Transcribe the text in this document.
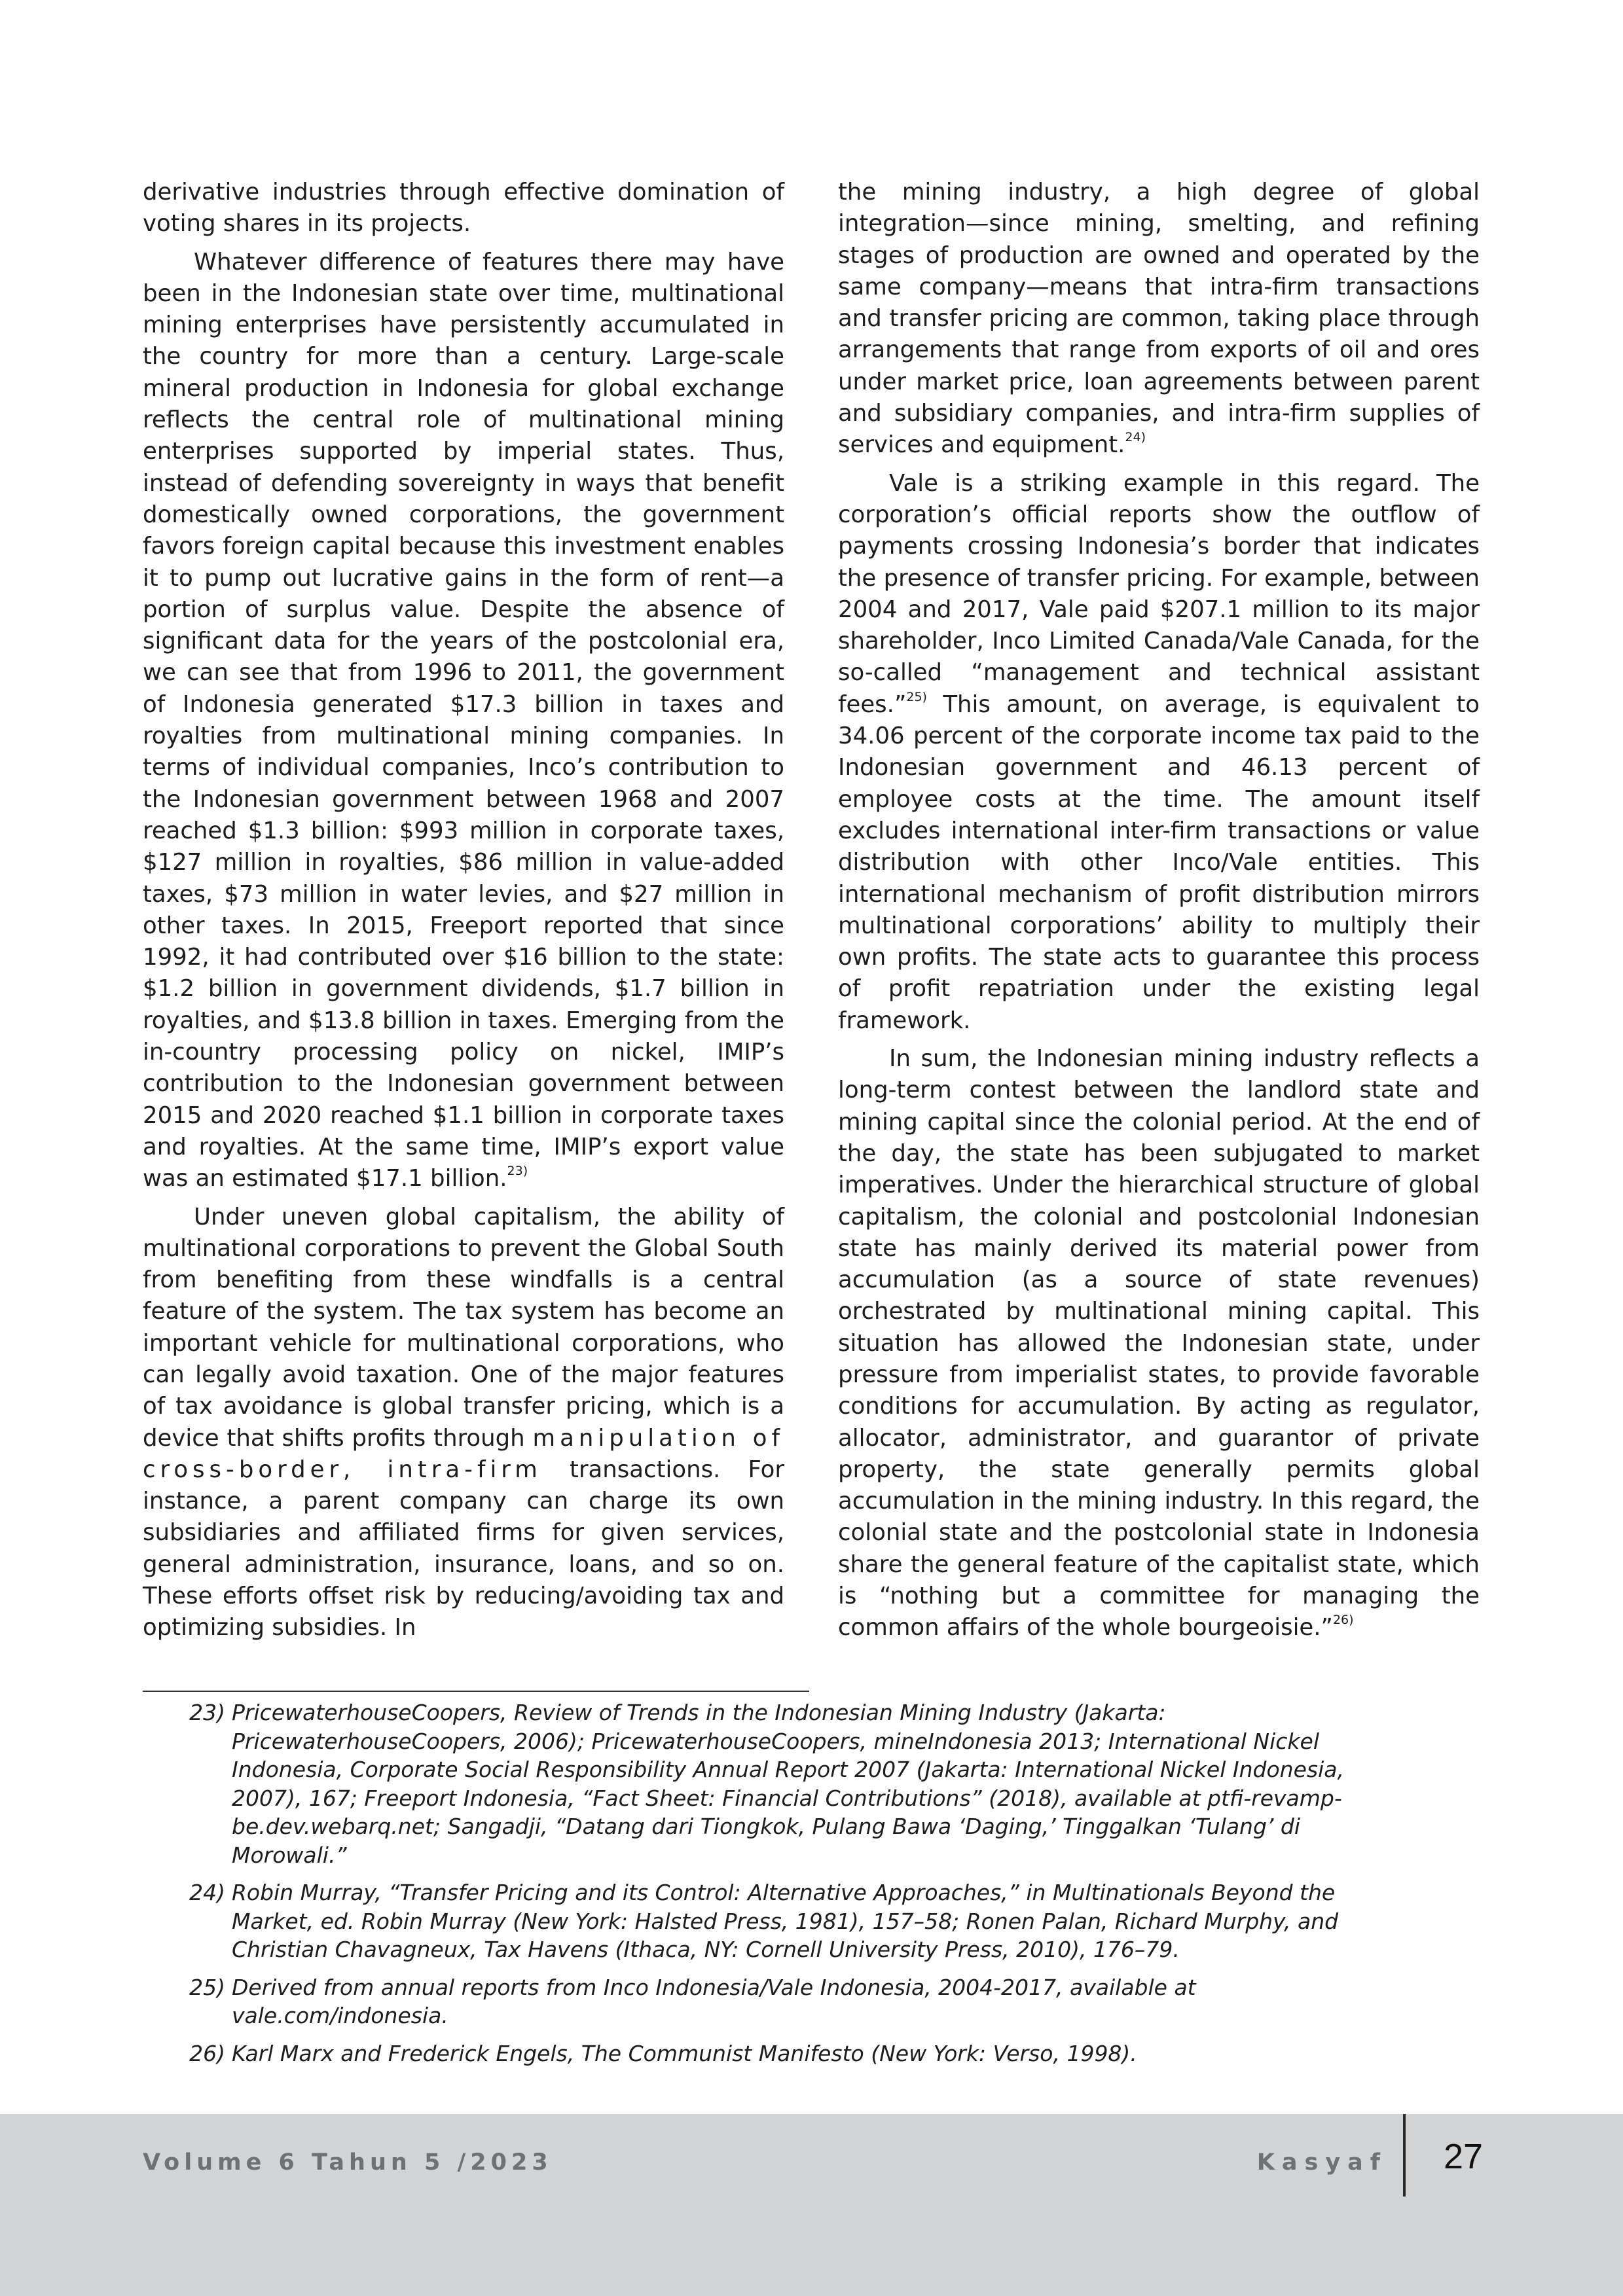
derivative industries through effective domination of voting shares in its projects.

Whatever difference of features there may have been in the Indonesian state over time, multinational mining enterprises have persistently accumulated in the country for more than a century. Large-scale mineral production in Indonesia for global exchange reflects the central role of multinational mining enterprises supported by imperial states. Thus, instead of defending sovereignty in ways that benefit domestically owned corporations, the government favors foreign capital because this investment enables it to pump out lucrative gains in the form of rent—a portion of surplus value. Despite the absence of significant data for the years of the postcolonial era, we can see that from 1996 to 2011, the government of Indonesia generated $17.3 billion in taxes and royalties from multinational mining companies. In terms of individual companies, Inco’s contribution to the Indonesian government between 1968 and 2007 reached $1.3 billion: $993 million in corporate taxes, $127 million in royalties, $86 million in value-added taxes, $73 million in water levies, and $27 million in other taxes. In 2015, Freeport reported that since 1992, it had contributed over $16 billion to the state: $1.2 billion in government dividends, $1.7 billion in royalties, and $13.8 billion in taxes. Emerging from the in-country processing policy on nickel, IMIP’s contribution to the Indonesian government between 2015 and 2020 reached $1.1 billion in corporate taxes and royalties. At the same time, IMIP’s export value was an estimated $17.1 billion.$^{23)}$

Under uneven global capitalism, the ability of multinational corporations to prevent the Global South from benefiting from these windfalls is a central feature of the system. The tax system has become an important vehicle for multinational corporations, who can legally avoid taxation. One of the major features of tax avoidance is global transfer pricing, which is a device that shifts profits through manipulation of cross-border, intra-firm transactions. For instance, a parent company can charge its own subsidiaries and affiliated firms for given services, general administration, insurance, loans, and so on. These efforts offset risk by reducing/avoiding tax and optimizing subsidies. In

the mining industry, a high degree of global integration—since mining, smelting, and refining stages of production are owned and operated by the same company—means that intra-firm transactions and transfer pricing are common, taking place through arrangements that range from exports of oil and ores under market price, loan agreements between parent and subsidiary companies, and intra-firm supplies of services and equipment.$^{24)}$

Vale is a striking example in this regard. The corporation’s official reports show the outflow of payments crossing Indonesia’s border that indicates the presence of transfer pricing. For example, between 2004 and 2017, Vale paid $207.1 million to its major shareholder, Inco Limited Canada/Vale Canada, for the so-called “management and technical assistant fees.”$^{25)}$ This amount, on average, is equivalent to 34.06 percent of the corporate income tax paid to the Indonesian government and 46.13 percent of employee costs at the time. The amount itself excludes international inter-firm transactions or value distribution with other Inco/Vale entities. This international mechanism of profit distribution mirrors multinational corporations’ ability to multiply their own profits. The state acts to guarantee this process of profit repatriation under the existing legal framework.

In sum, the Indonesian mining industry reflects a long-term contest between the landlord state and mining capital since the colonial period. At the end of the day, the state has been subjugated to market imperatives. Under the hierarchical structure of global capitalism, the colonial and postcolonial Indonesian state has mainly derived its material power from accumulation (as a source of state revenues) orchestrated by multinational mining capital. This situation has allowed the Indonesian state, under pressure from imperialist states, to provide favorable conditions for accumulation. By acting as regulator, allocator, administrator, and guarantor of private property, the state generally permits global accumulation in the mining industry. In this regard, the colonial state and the postcolonial state in Indonesia share the general feature of the capitalist state, which is “nothing but a committee for managing the common affairs of the whole bourgeoisie.”$^{26)}$

23) PricewaterhouseCoopers, Review of Trends in the Indonesian Mining Industry (Jakarta: PricewaterhouseCoopers, 2006); PricewaterhouseCoopers, mineIndonesia 2013; International Nickel Indonesia, Corporate Social Responsibility Annual Report 2007 (Jakarta: International Nickel Indonesia, 2007), 167; Freeport Indonesia, “Fact Sheet: Financial Contributions” (2018), available at ptfi-revamp-be.dev.webarq.net; Sangadji, “Datang dari Tiongkok, Pulang Bawa ‘Daging,’ Tinggalkan ‘Tulang’ di Morowali.”
24) Robin Murray, “Transfer Pricing and its Control: Alternative Approaches,” in Multinationals Beyond the Market, ed. Robin Murray (New York: Halsted Press, 1981), 157–58; Ronen Palan, Richard Murphy, and Christian Chavagneux, Tax Havens (Ithaca, NY: Cornell University Press, 2010), 176–79.
25) Derived from annual reports from Inco Indonesia/Vale Indonesia, 2004-2017, available at vale.com/indonesia.
26) Karl Marx and Frederick Engels, The Communist Manifesto (New York: Verso, 1998).
Volume 6 Tahun 5 /2023	Kasyaf 27
